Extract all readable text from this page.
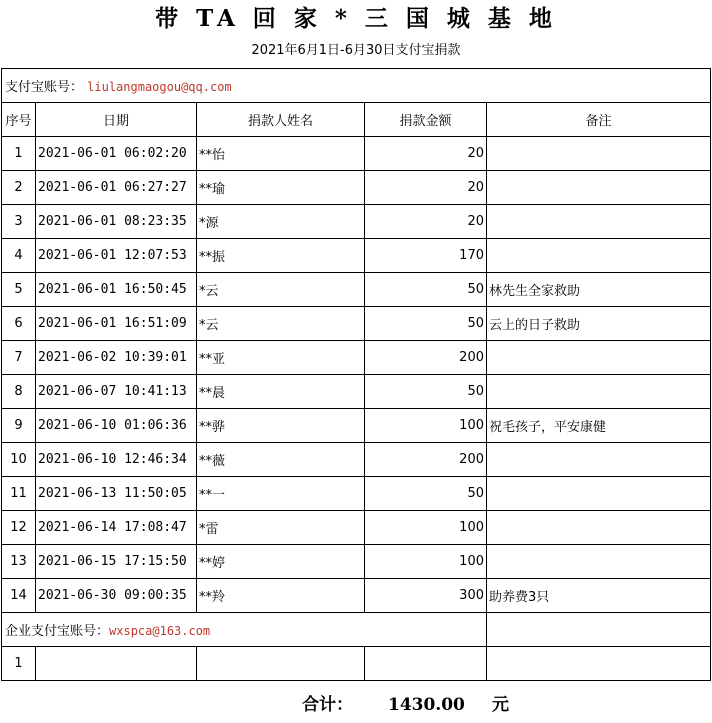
带 TA 回 家 * 三 国 城 基 地
2021年6月1日-6月30日支付宝捐款
支付宝账号： liulangmaogou@qq.com				
序号	日期	捐款人姓名	捐款金额	备注
1	2021-06-01 06:02:20	**怡	20	
2	2021-06-01 06:27:27	**瑜	20	
3	2021-06-01 08:23:35	*源	20	
4	2021-06-01 12:07:53	**振	170	
5	2021-06-01 16:50:45	*云	50	林先生全家救助
6	2021-06-01 16:51:09	*云	50	云上的日子救助
7	2021-06-02 10:39:01	**亚	200	
8	2021-06-07 10:41:13	**晨	50	
9	2021-06-10 01:06:36	**骅	100	祝毛孩子，平安康健
10	2021-06-10 12:46:34	**薇	200	
11	2021-06-13 11:50:05	**一	50	
12	2021-06-14 17:08:47	*雷	100	
13	2021-06-15 17:15:50	**婷	100	
14	2021-06-30 09:00:35	**羚	300	助养费3只
企业支付宝账号：wxspca@163.com				
1				
合计： 1430.00 元
